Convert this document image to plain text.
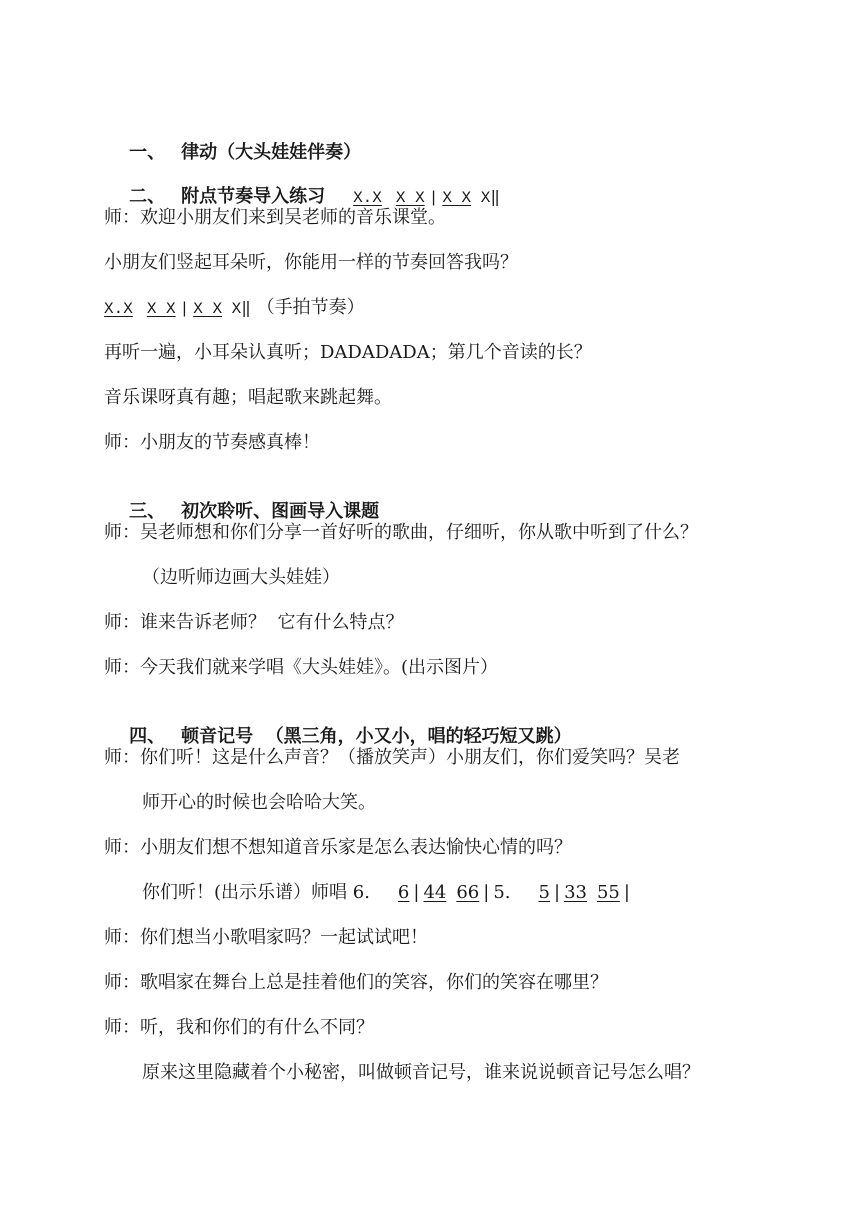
一、 律动（大头娃娃伴奏）

二、 附点节奏导入练习 X.X X X | X X X‖

师：欢迎小朋友们来到吴老师的音乐课堂。
小朋友们竖起耳朵听，你能用一样的节奏回答我吗？
X.X X X | X X X‖ （手拍节奏）
再听一遍，小耳朵认真听；DADADADA；第几个音读的长？
音乐课呀真有趣；唱起歌来跳起舞。
师：小朋友的节奏感真棒！

三、 初次聆听、图画导入课题

师：吴老师想和你们分享一首好听的歌曲，仔细听，你从歌中听到了什么？
（边听师边画大头娃娃）
师：谁来告诉老师？  它有什么特点？
师：今天我们就来学唱《大头娃娃》。(出示图片）

四、 顿音记号  （黑三角，小又小，唱的轻巧短又跳）

师：你们听！这是什么声音？（播放笑声）小朋友们，你们爱笑吗？吴老
师开心的时候也会哈哈大笑。
师：小朋友们想不想知道音乐家是怎么表达愉快心情的吗？
你们听！(出示乐谱）师唱 6. 6 | 44 66 | 5. 5 | 33 55 |
师：你们想当小歌唱家吗？一起试试吧！
师：歌唱家在舞台上总是挂着他们的笑容，你们的笑容在哪里？
师：听，我和你们的有什么不同？
原来这里隐藏着个小秘密，叫做顿音记号，谁来说说顿音记号怎么唱？
